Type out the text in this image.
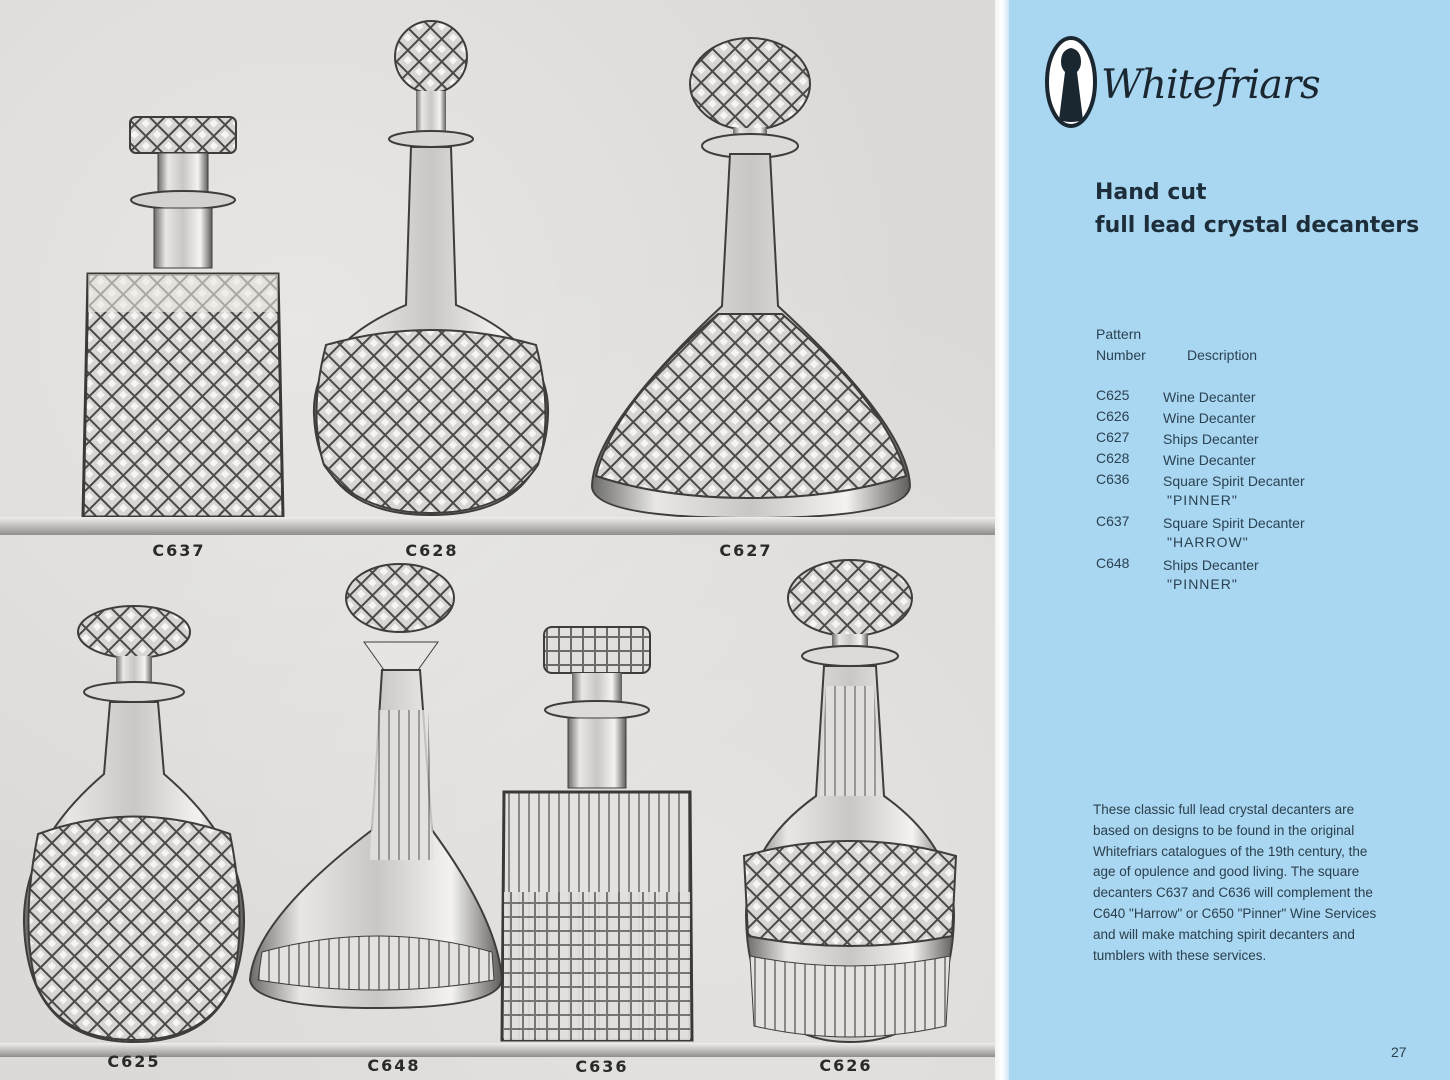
C637	C628	C627
C625	C648	C636	C626
Whitefriars
Hand cut
full lead crystal decanters
Pattern
Number	Description
C625 Wine Decanter
C626 Wine Decanter
C627 Ships Decanter
C628 Wine Decanter
C636 Square Spirit Decanter
"PINNER"
C637 Square Spirit Decanter
"HARROW"
C648 Ships Decanter
"PINNER"
These classic full lead crystal decanters are based on designs to be found in the original Whitefriars catalogues of the 19th century, the age of opulence and good living. The square decanters C637 and C636 will complement the C640 "Harrow" or C650 "Pinner" Wine Services and will make matching spirit decanters and tumblers with these services.
27
